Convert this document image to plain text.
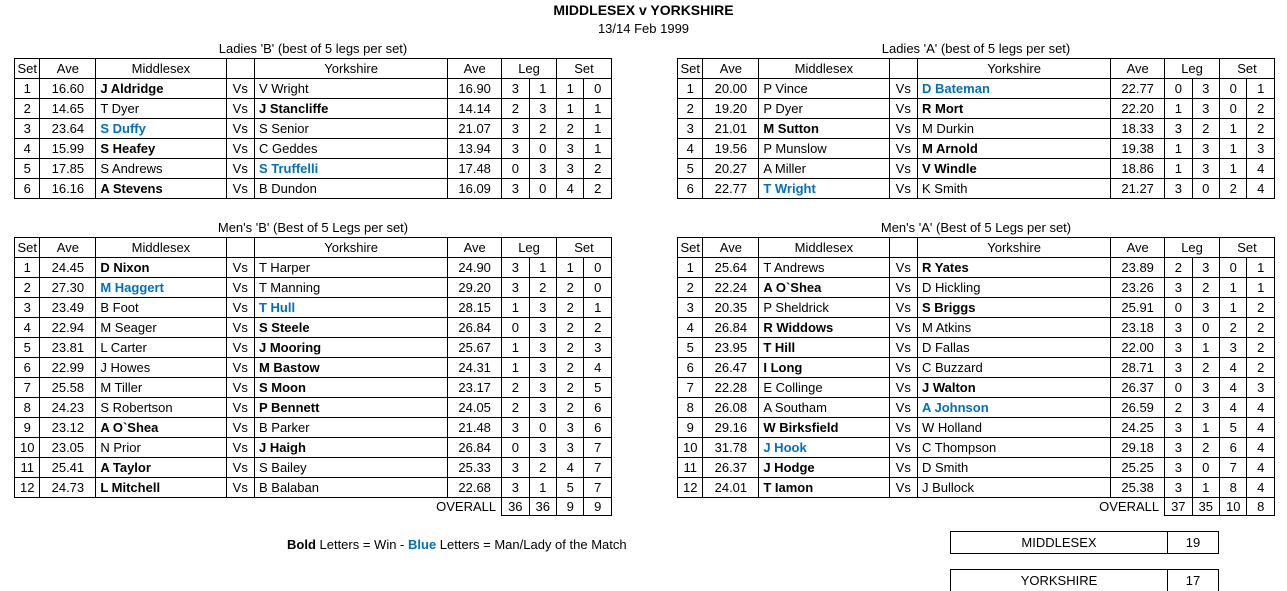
MIDDLESEX v YORKSHIRE
13/14 Feb 1999
Ladies 'B' (best of 5 legs per set)
Set	Ave	Middlesex		Yorkshire	Ave	Leg		Set	
1	16.60	J Aldridge	Vs	V Wright	16.90	3	1	1	0
2	14.65	T Dyer	Vs	J Stancliffe	14.14	2	3	1	1
3	23.64	S Duffy	Vs	S Senior	21.07	3	2	2	1
4	15.99	S Heafey	Vs	C Geddes	13.94	3	0	3	1
5	17.85	S Andrews	Vs	S Truffelli	17.48	0	3	3	2
6	16.16	A Stevens	Vs	B Dundon	16.09	3	0	4	2
Ladies 'A' (best of 5 legs per set)
Set	Ave	Middlesex		Yorkshire	Ave	Leg		Set	
1	20.00	P Vince	Vs	D Bateman	22.77	0	3	0	1
2	19.20	P Dyer	Vs	R Mort	22.20	1	3	0	2
3	21.01	M Sutton	Vs	M Durkin	18.33	3	2	1	2
4	19.56	P Munslow	Vs	M Arnold	19.38	1	3	1	3
5	20.27	A Miller	Vs	V Windle	18.86	1	3	1	4
6	22.77	T Wright	Vs	K Smith	21.27	3	0	2	4
Men's 'B' (Best of 5 Legs per set)
Set	Ave	Middlesex		Yorkshire	Ave	Leg		Set	
1	24.45	D Nixon	Vs	T Harper	24.90	3	1	1	0
2	27.30	M Haggert	Vs	T Manning	29.20	3	2	2	0
3	23.49	B Foot	Vs	T Hull	28.15	1	3	2	1
4	22.94	M Seager	Vs	S Steele	26.84	0	3	2	2
5	23.81	L Carter	Vs	J Mooring	25.67	1	3	2	3
6	22.99	J Howes	Vs	M Bastow	24.31	1	3	2	4
7	25.58	M Tiller	Vs	S Moon	23.17	2	3	2	5
8	24.23	S Robertson	Vs	P Bennett	24.05	2	3	2	6
9	23.12	A O`Shea	Vs	B Parker	21.48	3	0	3	6
10	23.05	N Prior	Vs	J Haigh	26.84	0	3	3	7
11	25.41	A Taylor	Vs	S Bailey	25.33	3	2	4	7
12	24.73	L Mitchell	Vs	B Balaban	22.68	3	1	5	7
OVERALL						36	36	9	9
Men's 'A' (Best of 5 Legs per set)
Set	Ave	Middlesex		Yorkshire	Ave	Leg		Set	
1	25.64	T Andrews	Vs	R Yates	23.89	2	3	0	1
2	22.24	A O`Shea	Vs	D Hickling	23.26	3	2	1	1
3	20.35	P Sheldrick	Vs	S Briggs	25.91	0	3	1	2
4	26.84	R Widdows	Vs	M Atkins	23.18	3	0	2	2
5	23.95	T Hill	Vs	D Fallas	22.00	3	1	3	2
6	26.47	I Long	Vs	C Buzzard	28.71	3	2	4	2
7	22.28	E Collinge	Vs	J Walton	26.37	0	3	4	3
8	26.08	A Southam	Vs	A Johnson	26.59	2	3	4	4
9	29.16	W Birksfield	Vs	W Holland	24.25	3	1	5	4
10	31.78	J Hook	Vs	C Thompson	29.18	3	2	6	4
11	26.37	J Hodge	Vs	D Smith	25.25	3	0	7	4
12	24.01	T Iamon	Vs	J Bullock	25.38	3	1	8	4
OVERALL						37	35	10	8
Bold Letters = Win - Blue Letters = Man/Lady of the Match	MIDDLESEX	19
YORKSHIRE	17
